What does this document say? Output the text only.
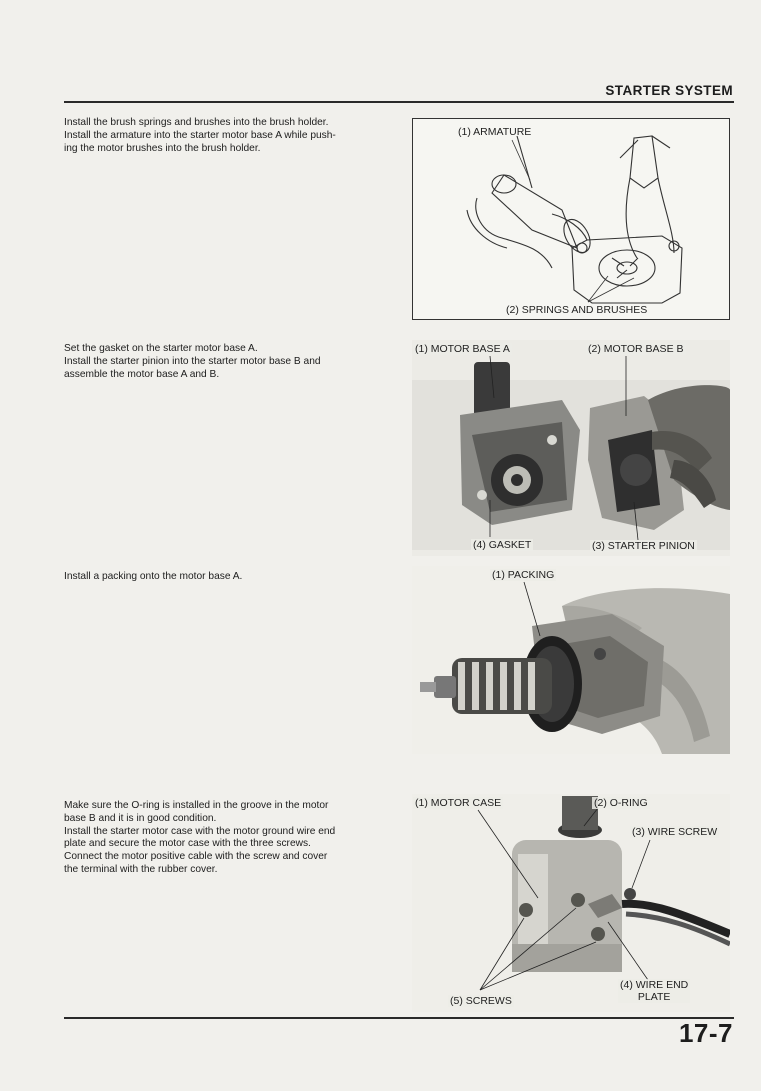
STARTER SYSTEM

Install the brush springs and brushes into the brush holder.

Install the armature into the starter motor base A while push-

ing the motor brushes into the brush holder.

(1) ARMATURE
(2) SPRINGS AND BRUSHES

Set the gasket on the starter motor base A.

Install the starter pinion into the starter motor base B and

assemble the motor base A and B.

(1) MOTOR BASE A	(2) MOTOR BASE B
(4) GASKET	(3) STARTER PINION

Install a packing onto the motor base A.	(1) PACKING

Make sure the O-ring is installed in the groove in the motor

base B and it is in good condition.

Install the starter motor case with the motor ground wire end

plate and secure the motor case with the three screws.

Connect the motor positive cable with the screw and cover

the terminal with the rubber cover.

(1) MOTOR CASE	(2) O-RING
(3) WIRE SCREW
(4) WIRE END
PLATE
(5) SCREWS
17-7
